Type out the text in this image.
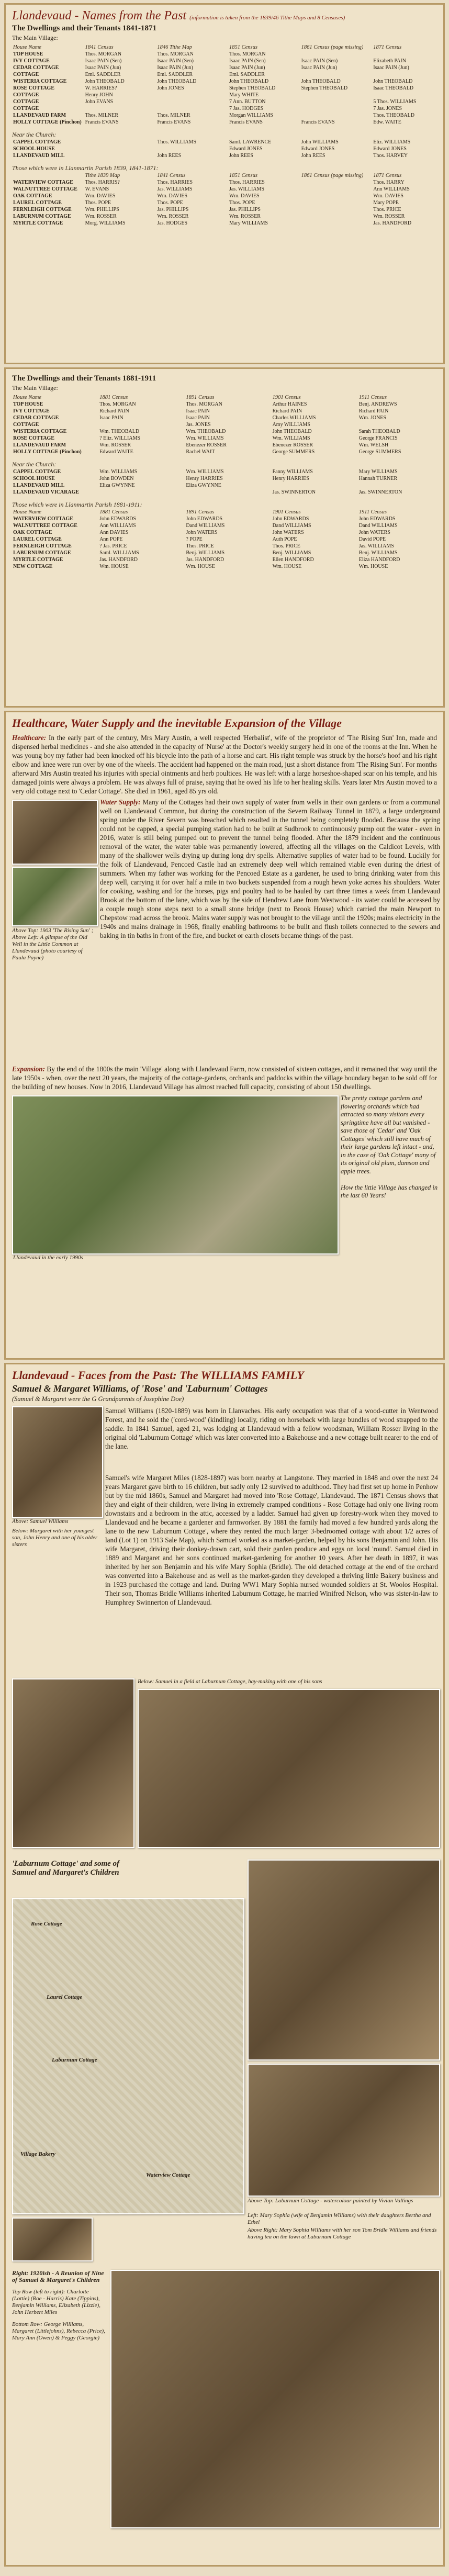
Llandevaud - Names from the Past (information is taken from the 1839/46 Tithe Maps and 8 Censuses)
The Dwellings and their Tenants 1841-1871
The Main Village:
House Name	1841 Census	1846 Tithe Map	1851 Census	1861 Census (page missing)	1871 Census
TOP HOUSE	Thos. MORGAN	Thos. MORGAN	Thos. MORGAN		
IVY COTTAGE	Isaac PAIN (Sen)	Isaac PAIN (Sen)	Isaac PAIN (Sen)	Isaac PAIN (Sen)	Elizabeth PAIN
CEDAR COTTAGE	Isaac PAIN (Jun)	Isaac PAIN (Jun)	Isaac PAIN (Jun)	Isaac PAIN (Jun)	Isaac PAIN (Jun)
COTTAGE	Eml. SADDLER	Eml. SADDLER	Eml. SADDLER		
WISTERIA COTTAGE	John THEOBALD	John THEOBALD	John THEOBALD	John THEOBALD	John THEOBALD
ROSE COTTAGE	W. HARRIES?	John JONES	Stephen THEOBALD	Stephen THEOBALD	Isaac THEOBALD
COTTAGE	Henry JOHN		Mary WHITE		
COTTAGE	John EVANS		7 Ann. BUTTON		5 Thos. WILLIAMS
COTTAGE			7 Jas. HODGES		7 Jas. JONES
LLANDEVAUD FARM	Thos. MILNER	Thos. MILNER	Morgan WILLIAMS		Thos. THEOBALD
HOLLY COTTAGE (Pinchon)	Francis EVANS	Francis EVANS	Francis EVANS	Francis EVANS	Edw. WAITE
Near the Church:
CAPPEL COTTAGE		Thos. WILLIAMS	Saml. LAWRENCE	John WILLIAMS	Eliz. WILLIAMS
SCHOOL HOUSE			Edward JONES	Edward JONES	Edward JONES
LLANDEVAUD MILL		John REES	John REES	John REES	Thos. HARVEY
Those which were in Llanmartin Parish 1839, 1841-1871:
	Tithe 1839 Map	1841 Census	1851 Census	1861 Census (page missing)	1871 Census
WATERVIEW COTTAGE	Thos. HARRIS?	Thos. HARRIES	Thos. HARRIES		Thos. HARRY
WALNUTTREE COTTAGE	W. EVANS	Jas. WILLIAMS	Jas. WILLIAMS		Ann WILLIAMS
OAK COTTAGE	Wm. DAVIES	Wm. DAVIES	Wm. DAVIES		Wm. DAVIES
LAUREL COTTAGE	Thos. POPE	Thos. POPE	Thos. POPE		Mary POPE
FERNLEIGH COTTAGE	Wm. PHILLIPS	Jas. PHILLIPS	Jas. PHILLIPS		Thos. PRICE
LABURNUM COTTAGE	Wm. ROSSER	Wm. ROSSER	Wm. ROSSER		Wm. ROSSER
MYRTLE COTTAGE	Morg. WILLIAMS	Jas. HODGES	Mary WILLIAMS		Jas. HANDFORD
The Dwellings and their Tenants 1881-1911
The Main Village:
House Name	1881 Census	1891 Census	1901 Census	1911 Census
TOP HOUSE	Thos. MORGAN	Thos. MORGAN	Arthur HAINES	Benj. ANDREWS
IVY COTTAGE	Richard PAIN	Isaac PAIN	Richard PAIN	Richard PAIN
CEDAR COTTAGE	Isaac PAIN	Isaac PAIN	Charles WILLIAMS	Wm. JONES
COTTAGE		Jas. JONES	Amy WILLIAMS	
WISTERIA COTTAGE	Wm. THEOBALD	Wm. THEOBALD	John THEOBALD	Sarah THEOBALD
ROSE COTTAGE	? Eliz. WILLIAMS	Wm. WILLIAMS	Wm. WILLIAMS	George FRANCIS
LLANDEVAUD FARM	Wm. ROSSER	Ebenezer ROSSER	Ebenezer ROSSER	Wm. WELSH
HOLLY COTTAGE (Pinchon)	Edward WAITE	Rachel WAIT	George SUMMERS	George SUMMERS
Near the Church:
CAPPEL COTTAGE	Wm. WILLIAMS	Wm. WILLIAMS	Fanny WILLIAMS	Mary WILLIAMS
SCHOOL HOUSE	John BOWDEN	Henry HARRIES	Henry HARRIES	Hannah TURNER
LLANDEVAUD MILL	Eliza GWYNNE	Eliza GWYNNE		
LLANDEVAUD VICARAGE			Jas. SWINNERTON	Jas. SWINNERTON
Those which were in Llanmartin Parish 1881-1911:
House Name	1881 Census	1891 Census	1901 Census	1911 Census
WATERVIEW COTTAGE	John EDWARDS	John EDWARDS	John EDWARDS	John EDWARDS
WALNUTTREE COTTAGE	Ann WILLIAMS	Dand WILLIAMS	Dand WILLIAMS	Dand WILLIAMS
OAK COTTAGE	Ann DAVIES	John WATERS	John WATERS	John WATERS
LAUREL COTTAGE	Ann POPE	? POPE	Auth POPE	David POPE
FERNLEIGH COTTAGE	? Jas. PRICE	Thos. PRICE	Thos. PRICE	Jas. WILLIAMS
LABURNUM COTTAGE	Saml. WILLIAMS	Benj. WILLIAMS	Benj. WILLIAMS	Benj. WILLIAMS
MYRTLE COTTAGE	Jas. HANDFORD	Jas. HANDFORD	Ellen HANDFORD	Eliza HANDFORD
NEW COTTAGE	Wm. HOUSE	Wm. HOUSE	Wm. HOUSE	Wm. HOUSE
Healthcare, Water Supply and the inevitable Expansion of the Village
Healthcare: In the early part of the century, Mrs Mary Austin, a well respected 'Herbalist', wife of the proprietor of 'The Rising Sun' Inn, made and dispensed herbal medicines - and she also attended in the capacity of 'Nurse' at the Doctor's weekly surgery held in one of the rooms at the Inn. When he was young boy my father had been knocked off his bicycle into the path of a horse and cart. His right temple was struck by the horse's hoof and his right elbow and knee were run over by one of the wheels. The accident had happened on the main road, just a short distance from 'The Rising Sun'. For months afterward Mrs Austin treated his injuries with special ointments and herb poultices. He was left with a large horseshoe-shaped scar on his temple, and his damaged joints were always a problem. He was always full of praise, saying that he owed his life to her healing skills. Years later Mrs Austin moved to a very old cottage next to 'Cedar Cottage'. She died in 1961, aged 85 yrs old.
Above Top: 1903 'The Rising Sun' ; Above Left: A glimpse of the Old Well in the Little Common at Llandevaud (photo courtesy of Paula Payne)
Water Supply: Many of the Cottages had their own supply of water from wells in their own gardens or from a communal well on Llandevaud Common, but during the construction of the Severn Railway Tunnel in 1879, a large underground spring under the River Severn was breached which resulted in the tunnel being completely flooded. Because the spring could not be capped, a special pumping station had to be built at Sudbrook to continuously pump out the water - even in 2016, water is still being pumped out to prevent the tunnel being flooded. After the 1879 incident and the continuous removal of the water, the water table was permanently lowered, affecting all the villages on the Caldicot Levels, with many of the shallower wells drying up during long dry spells. Alternative supplies of water had to be found. Luckily for the folk of Llandevaud, Pencoed Castle had an extremely deep well which remained viable even during the driest of summers. When my father was working for the Pencoed Estate as a gardener, he used to bring drinking water from this deep well, carrying it for over half a mile in two buckets suspended from a rough hewn yoke across his shoulders. Water for cooking, washing and for the horses, pigs and poultry had to be hauled by cart three times a week from Llandevaud Brook at the bottom of the lane, which was by the side of Hendrew Lane from Westwood - its water could be accessed by a couple rough stone steps next to a small stone bridge (next to Brook House) which carried the main Newport to Chepstow road across the brook. Mains water supply was not brought to the village until the 1920s; mains electricity in the 1940s and mains drainage in 1968, finally enabling bathrooms to be built and flush toilets connected to the sewers and baking in tin baths in front of the fire, and bucket or earth closets became things of the past.
Expansion: By the end of the 1800s the main 'Village' along with Llandevaud Farm, now consisted of sixteen cottages, and it remained that way until the late 1950s - when, over the next 20 years, the majority of the cottage-gardens, orchards and paddocks within the village boundary began to be sold off for the building of new houses. Now in 2016, Llandevaud Village has almost reached full capacity, consisting of about 150 dwellings.
Llandevaud in the early 1990s
The pretty cottage gardens and flowering orchards which had attracted so many visitors every springtime have all but vanished - save those of 'Cedar' and 'Oak Cottages' which still have much of their large gardens left intact - and, in the case of 'Oak Cottage' many of its original old plum, damson and apple trees.

How the little Village has changed in the last 60 Years!
Llandevaud - Faces from the Past: The WILLIAMS FAMILY
Samuel & Margaret Williams, of 'Rose' and 'Laburnum' Cottages
(Samuel & Margaret were the G Grandparents of Josephine Doe)
Above: Samuel Williams
Below: Margaret with her youngest son, John Henry and one of his older sisters
Samuel Williams (1820-1889) was born in Llanvaches. His early occupation was that of a wood-cutter in Wentwood Forest, and he sold the ('cord-wood' (kindling) locally, riding on horseback with large bundles of wood strapped to the saddle. In 1841 Samuel, aged 21, was lodging at Llandevaud with a fellow woodsman, William Rosser living in the original old 'Laburnum Cottage' which was later converted into a Bakehouse and a new cottage built nearer to the end of the lane.
Samuel's wife Margaret Miles (1828-1897) was born nearby at Langstone. They married in 1848 and over the next 24 years Margaret gave birth to 16 children, but sadly only 12 survived to adulthood. They had first set up home in Penhow but by the mid 1860s, Samuel and Margaret had moved into 'Rose Cottage', Llandevaud. The 1871 Census shows that they and eight of their children, were living in extremely cramped conditions - Rose Cottage had only one living room downstairs and a bedroom in the attic, accessed by a ladder. Samuel had given up forestry-work when they moved to Llandevaud and he became a gardener and farmworker. By 1881 the family had moved a few hundred yards along the lane to the new 'Laburnum Cottage', where they rented the much larger 3-bedroomed cottage with about 1/2 acres of land (Lot 1) on 1913 Sale Map), which Samuel worked as a market-garden, helped by his sons Benjamin and John. His wife Margaret, driving their donkey-drawn cart, sold their garden produce and eggs on local 'round'. Samuel died in 1889 and Margaret and her sons continued market-gardening for another 10 years. After her death in 1897, it was inherited by her son Benjamin and his wife Mary Sophia (Bridle). The old detached cottage at the end of the orchard was converted into a Bakehouse and as well as the market-garden they developed a thriving little Bakery business and in 1923 purchased the cottage and land. During WW1 Mary Sophia nursed wounded soldiers at St. Woolos Hospital. Their son, Thomas Bridle Williams inherited Laburnum Cottage, he married Winifred Nelson, who was sister-in-law to Humphrey Swinnerton of Llandevaud.
Below: Samuel in a field at Laburnum Cottage, hay-making with one of his sons
'Laburnum Cottage' and some of Samuel and Margaret's Children
Rose Cottage
Laurel Cottage
Laburnum Cottage
Village Bakery
Waterview Cottage
Above Top: Laburnum Cottage - watercolour painted by Vivian Vallings
Left: Mary Sophia (wife of Benjamin Williams) with their daughters Bertha and Ethel
Above Right: Mary Sophia Williams with her son Tom Bridle Williams and friends having tea on the lawn at Laburnum Cottage
Right: 1920ish - A Reunion of Nine of Samuel & Margaret's Children
Top Row (left to right): Charlotte (Lottie) (Roe - Harris) Kate (Tippins), Benjamin Williams, Elizabeth (Lizzie), John Herbert Miles
Bottom Row: George Williams, Margaret (Littlejohns), Rebecca (Price), Mary Ann (Owen) & Peggy (Georgie)
